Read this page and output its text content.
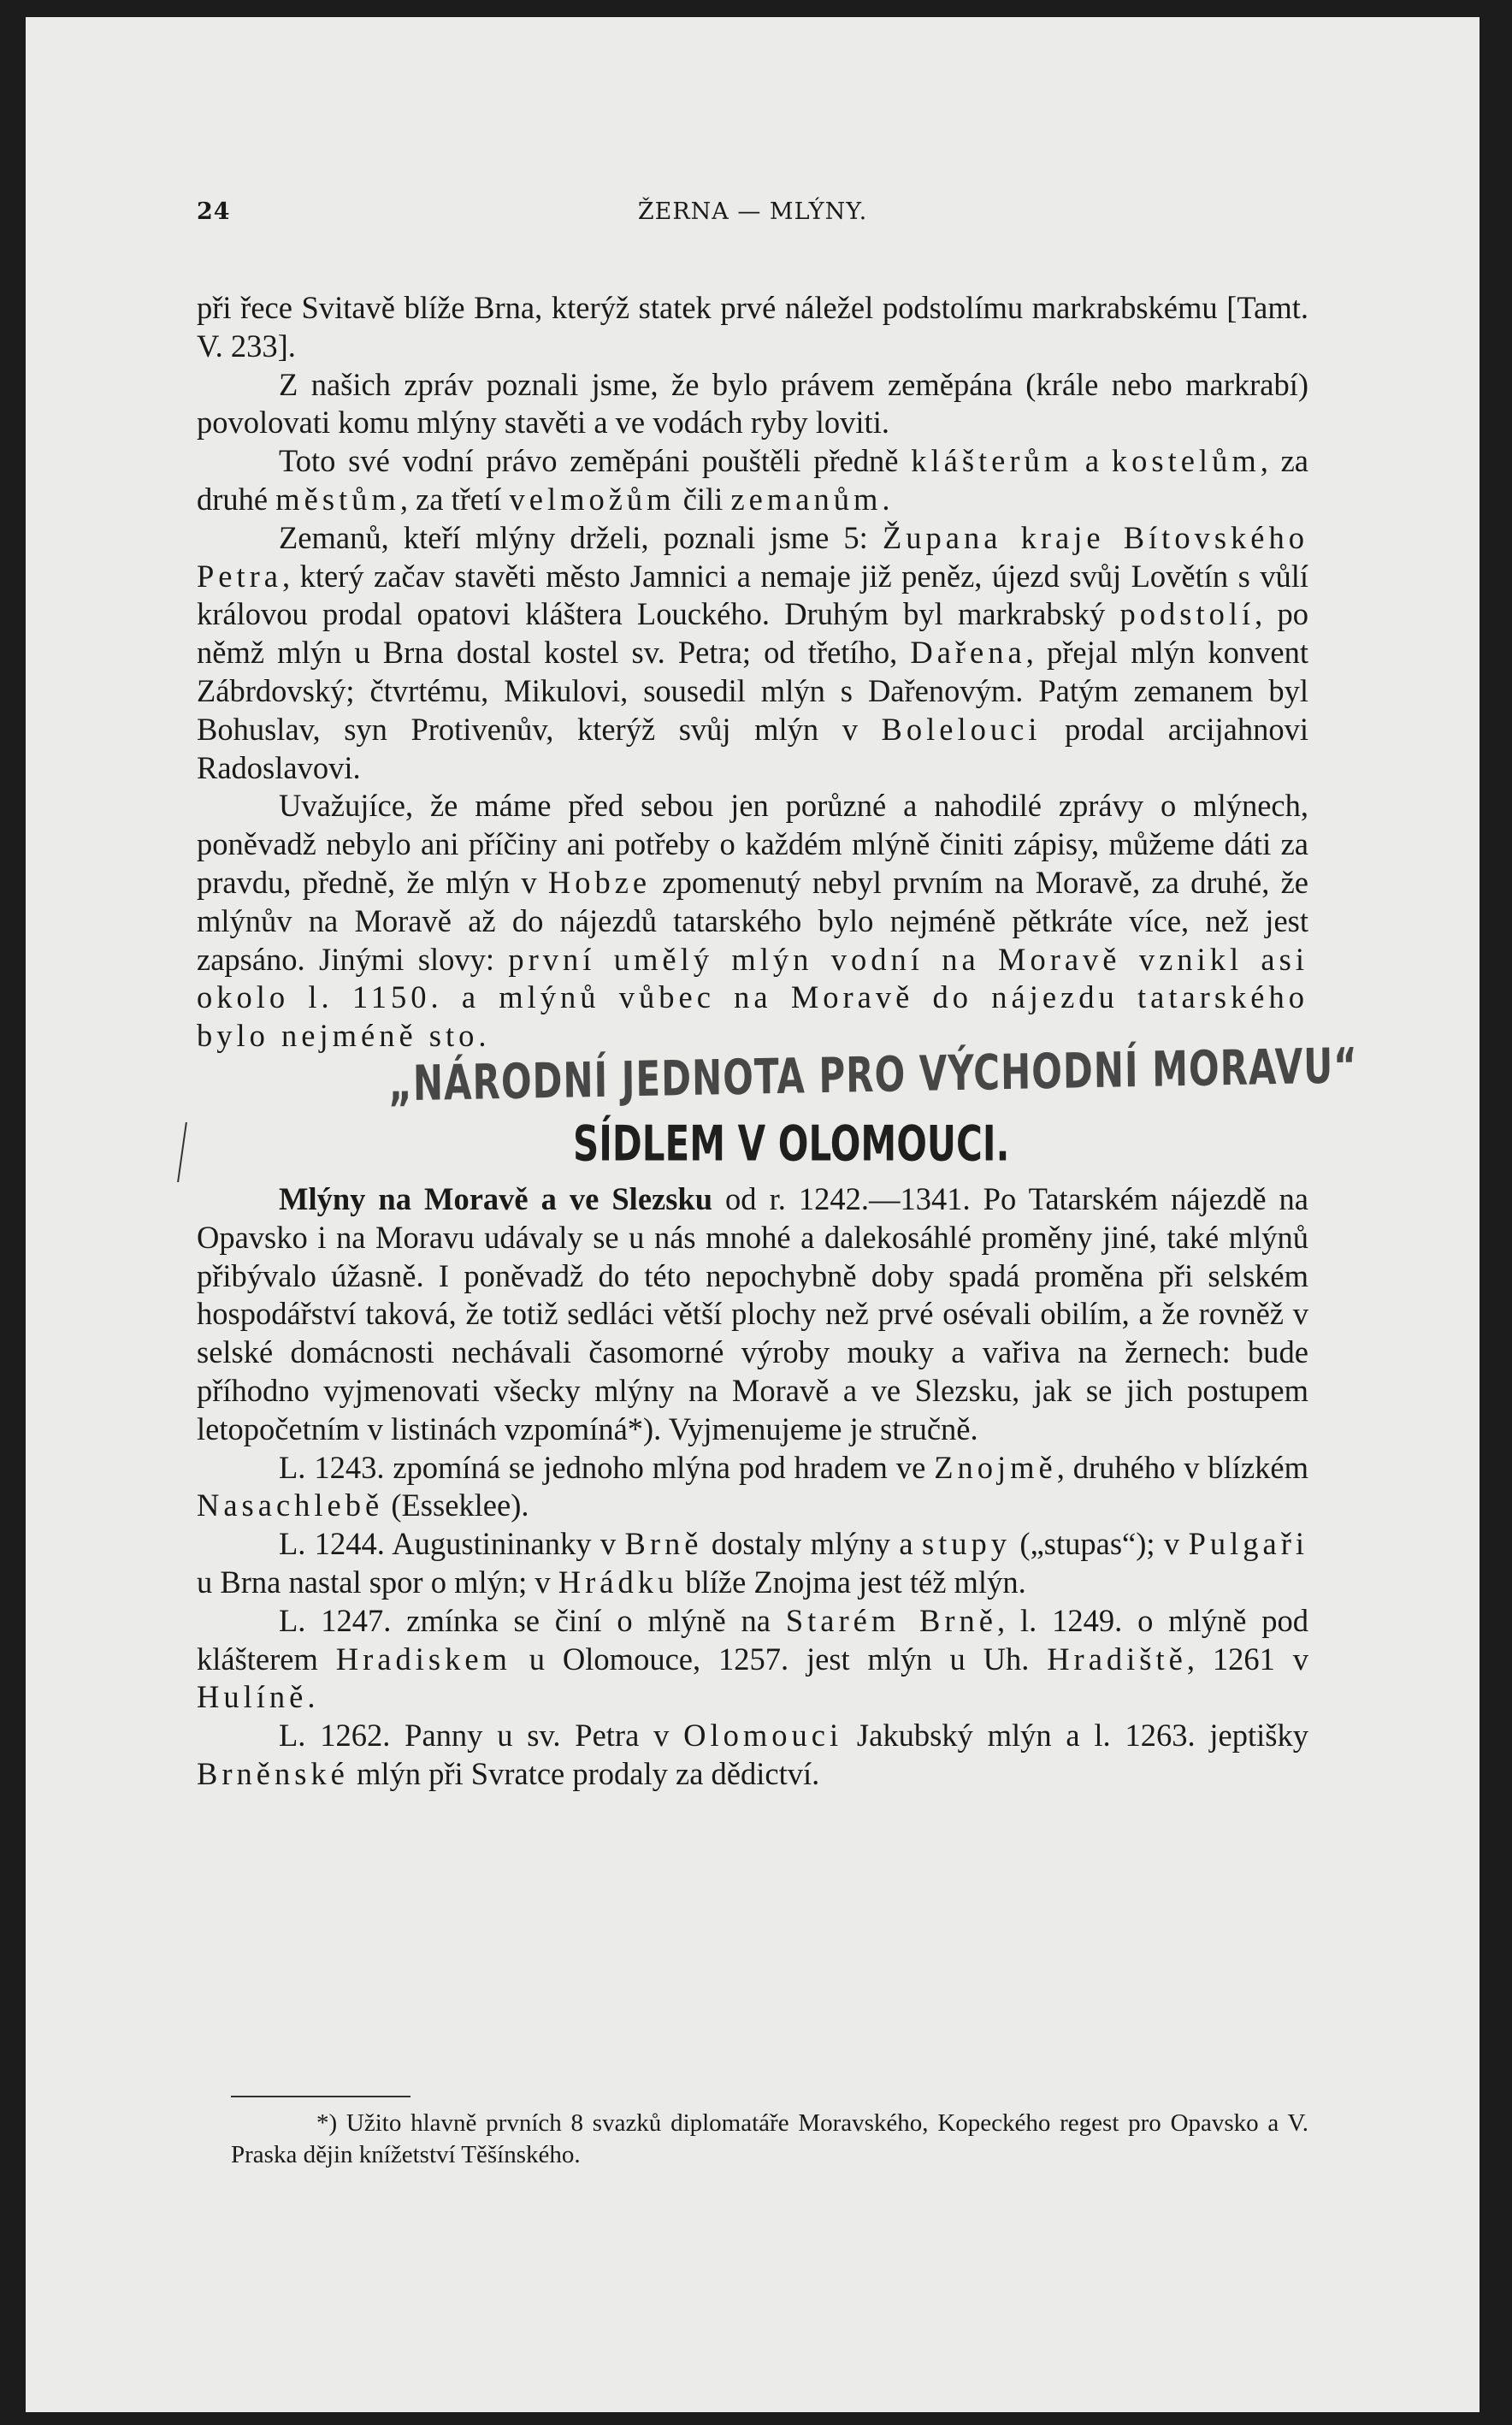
24	ŽERNA — MLÝNY.

při řece Svitavě blíže Brna, kterýž statek prvé náležel podstolímu markrabskému [Tamt. V. 233].

Z našich zpráv poznali jsme, že bylo právem zeměpána (krále nebo markrabí) povolovati komu mlýny stavěti a ve vodách ryby loviti.

Toto své vodní právo zeměpáni pouštěli předně klášterům a kostelům, za druhé městům, za třetí velmožům čili zemanům.

Zemanů, kteří mlýny drželi, poznali jsme 5: Župana kraje Bítovského Petra, který začav stavěti město Jamnici a nemaje již peněz, újezd svůj Lovětín s vůlí královou prodal opatovi kláštera Louckého. Druhým byl markrabský podstolí, po němž mlýn u Brna dostal kostel sv. Petra; od třetího, Dařena, přejal mlýn konvent Zábrdovský; čtvrtému, Mikulovi, sousedil mlýn s Dařenovým. Patým zemanem byl Bohuslav, syn Protivenův, kterýž svůj mlýn v Bolelouci prodal arcijahnovi Radoslavovi.

Uvažujíce, že máme před sebou jen porůzné a nahodilé zprávy o mlýnech, poněvadž nebylo ani příčiny ani potřeby o každém mlýně činiti zápisy, můžeme dáti za pravdu, předně, že mlýn v Hobze zpomenutý nebyl prvním na Moravě, za druhé, že mlýnův na Moravě až do nájezdů tatarského bylo nejméně pětkráte více, než jest zapsáno. Jinými slovy: první umělý mlýn vodní na Moravě vznikl asi okolo l. 1150. a mlýnů vůbec na Moravě do nájezdu tatarského bylo nejméně sto.

„NÁRODNÍ JEDNOTA PRO VÝCHODNÍ MORAVU“
SÍDLEM V OLOMOUCI.

Mlýny na Moravě a ve Slezsku od r. 1242.—1341. Po Tatarském nájezdě na Opavsko i na Moravu udávaly se u nás mnohé a dalekosáhlé proměny jiné, také mlýnů přibývalo úžasně. I poněvadž do této nepochybně doby spadá proměna při selském hospodářství taková, že totiž sedláci větší plochy než prvé osévali obilím, a že rovněž v selské domácnosti nechávali časomorné výroby mouky a vařiva na žernech: bude příhodno vyjmenovati všecky mlýny na Moravě a ve Slezsku, jak se jich postupem letopočetním v listinách vzpomíná*). Vyjmenujeme je stručně.

L. 1243. zpomíná se jednoho mlýna pod hradem ve Znojmě, druhého v blízkém Nasachlebě (Esseklee).

L. 1244. Augustininanky v Brně dostaly mlýny a stupy („stupas“); v Pulgaři u Brna nastal spor o mlýn; v Hrádku blíže Znojma jest též mlýn.

L. 1247. zmínka se činí o mlýně na Starém Brně, l. 1249. o mlýně pod klášterem Hradiskem u Olomouce, 1257. jest mlýn u Uh. Hradiště, 1261 v Hulíně.

L. 1262. Panny u sv. Petra v Olomouci Jakubský mlýn a l. 1263. jeptišky Brněnské mlýn při Svratce prodaly za dědictví.

*) Užito hlavně prvních 8 svazků diplomatáře Moravského, Kopeckého regest pro Opavsko a V. Praska dějin knížetství Těšínského.
